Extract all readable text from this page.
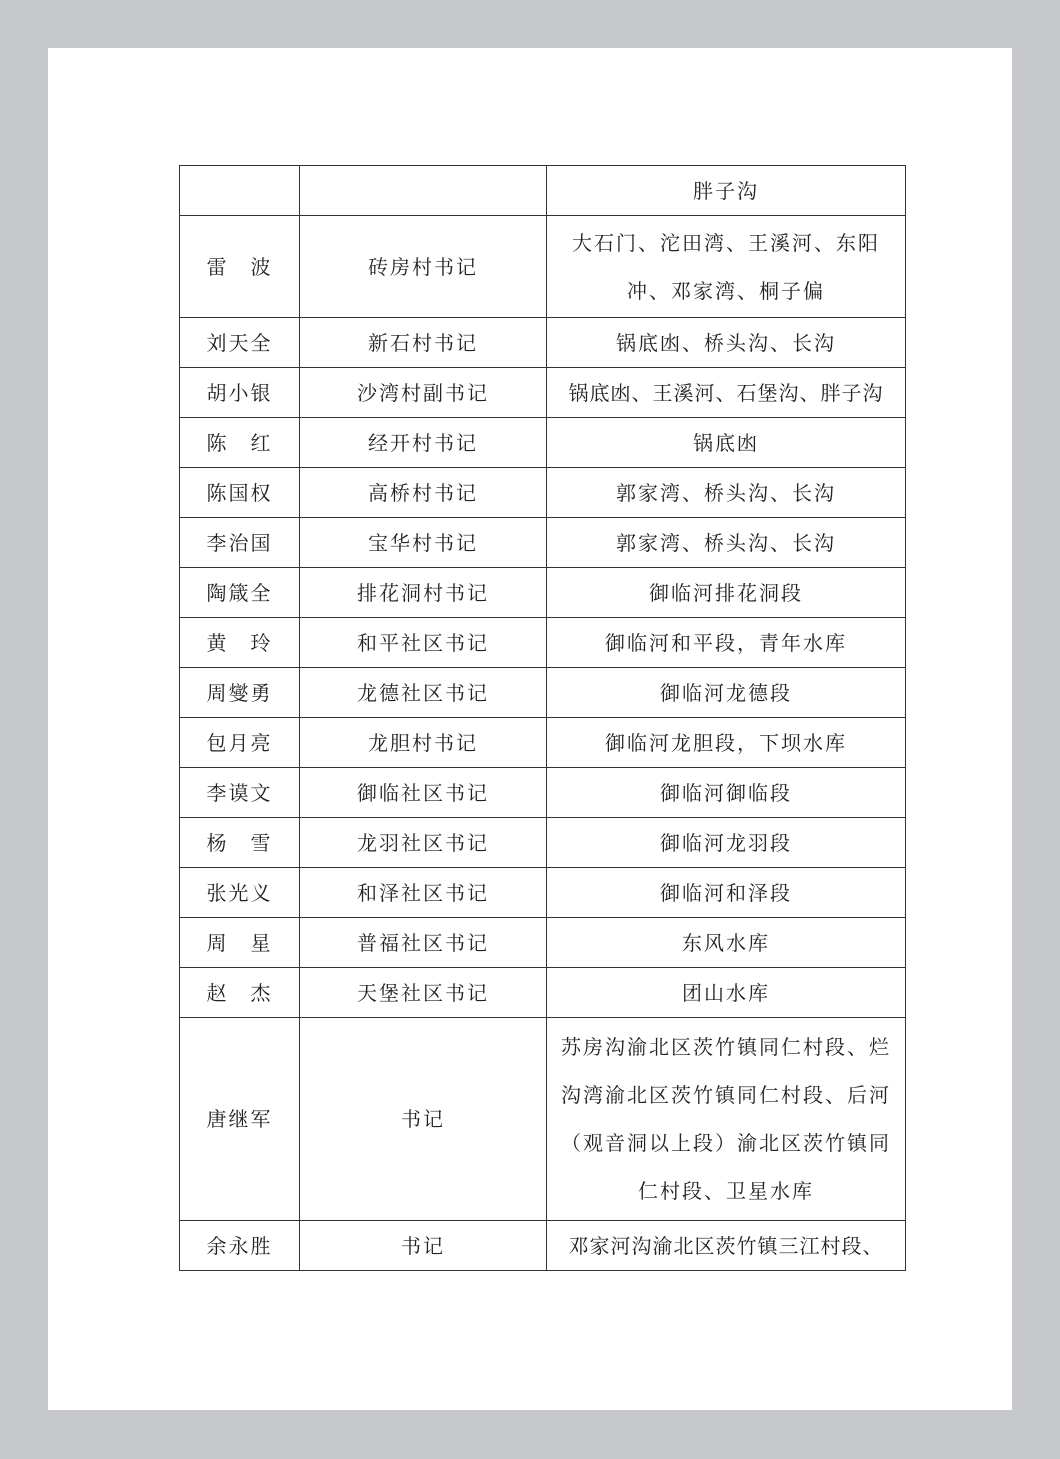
		胖子沟
雷　波	砖房村书记	大石门、沱田湾、王溪河、东阳冲、邓家湾、桐子偏
刘天全	新石村书记	锅底凼、桥头沟、长沟
胡小银	沙湾村副书记	锅底凼、王溪河、石堡沟、胖子沟
陈　红	经开村书记	锅底凼
陈国权	高桥村书记	郭家湾、桥头沟、长沟
李治国	宝华村书记	郭家湾、桥头沟、长沟
陶箴全	排花洞村书记	御临河排花洞段
黄　玲	和平社区书记	御临河和平段，青年水库
周燮勇	龙德社区书记	御临河龙德段
包月亮	龙胆村书记	御临河龙胆段，下坝水库
李谟文	御临社区书记	御临河御临段
杨　雪	龙羽社区书记	御临河龙羽段
张光义	和泽社区书记	御临河和泽段
周　星	普福社区书记	东风水库
赵　杰	天堡社区书记	团山水库
唐继军	书记	苏房沟渝北区茨竹镇同仁村段、烂沟湾渝北区茨竹镇同仁村段、后河（观音洞以上段）渝北区茨竹镇同仁村段、卫星水库
余永胜	书记	邓家河沟渝北区茨竹镇三江村段、
